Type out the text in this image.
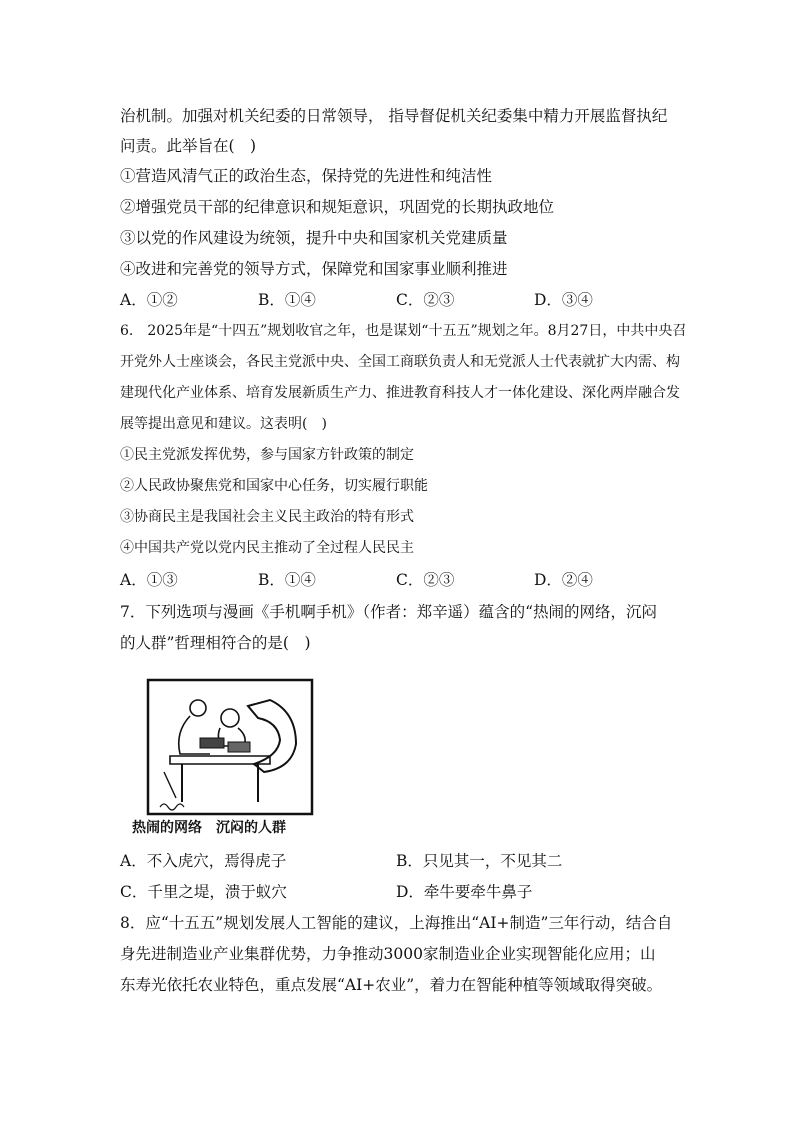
治机制。加强对机关纪委的日常领导， 指导督促机关纪委集中精力开展监督执纪
问责。此举旨在(　)
①营造风清气正的政治生态，保持党的先进性和纯洁性
②增强党员干部的纪律意识和规矩意识，巩固党的长期执政地位
③以党的作风建设为统领，提升中央和国家机关党建质量
④改进和完善党的领导方式，保障党和国家事业顺利推进
A．①②	B．①④	C．②③	D．③④
6.　2025年是“十四五”规划收官之年，也是谋划“十五五”规划之年。8月27日，中共中央召
开党外人士座谈会，各民主党派中央、全国工商联负责人和无党派人士代表就扩大内需、构
建现代化产业体系、培育发展新质生产力、推进教育科技人才一体化建设、深化两岸融合发
展等提出意见和建议。这表明(　)
①民主党派发挥优势，参与国家方针政策的制定
②人民政协聚焦党和国家中心任务，切实履行职能
③协商民主是我国社会主义民主政治的特有形式
④中国共产党以党内民主推动了全过程人民民主
A．①③	B．①④	C．②③	D．②④
7．下列选项与漫画《手机啊手机》（作者：郑辛遥）蕴含的“热闹的网络，沉闷
的人群”哲理相符合的是(　)
热闹的网络　沉闷的人群
A．不入虎穴，焉得虎子	B．只见其一，不见其二
C．千里之堤，溃于蚁穴	D．牵牛要牵牛鼻子
8．应“十五五”规划发展人工智能的建议，上海推出“AI+制造”三年行动，结合自
身先进制造业产业集群优势，力争推动3000家制造业企业实现智能化应用；山
东寿光依托农业特色，重点发展“AI+农业”，着力在智能种植等领域取得突破。
